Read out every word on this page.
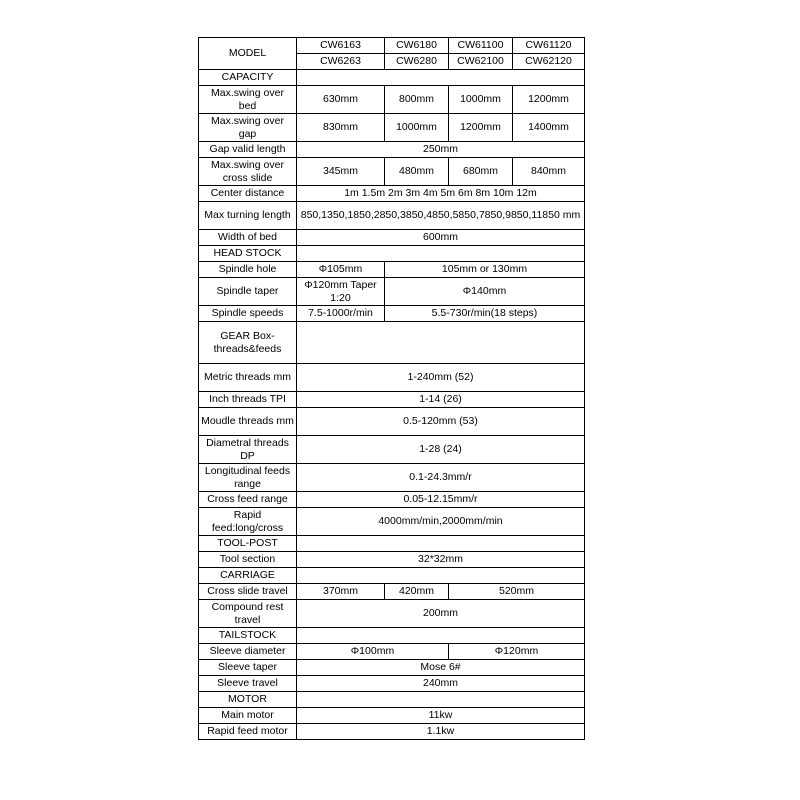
MODEL	CW6163	CW6180	CW61100	CW61120
	CW6263	CW6280	CW62100	CW62120
CAPACITY				
Max.swing over bed	630mm	800mm	1000mm	1200mm
Max.swing over gap	830mm	1000mm	1200mm	1400mm
Gap valid length	250mm			
Max.swing over cross slide	345mm	480mm	680mm	840mm
Center distance	1m 1.5m 2m 3m 4m 5m 6m 8m 10m 12m			
Max turning length	850,1350,1850,2850,3850,4850,5850,7850,9850,11850 mm			
Width of bed	600mm			
HEAD STOCK				
Spindle hole	Φ105mm	105mm or 130mm		
Spindle taper	Φ120mm Taper 1:20	Φ140mm		
Spindle speeds	7.5-1000r/min	5.5-730r/min(18 steps)		
GEAR Box-threads&feeds				
Metric threads mm	1-240mm (52)			
Inch threads TPI	1-14 (26)			
Moudle threads mm	0.5-120mm (53)			
Diametral threads DP	1-28 (24)			
Longitudinal feeds range	0.1-24.3mm/r			
Cross feed range	0.05-12.15mm/r			
Rapid feed:long/cross	4000mm/min,2000mm/min			
TOOL-POST				
Tool section	32*32mm			
CARRIAGE				
Cross slide travel	370mm	420mm	520mm	
Compound rest travel	200mm			
TAILSTOCK				
Sleeve diameter	Φ100mm		Φ120mm	
Sleeve taper	Mose 6#			
Sleeve travel	240mm			
MOTOR				
Main motor	11kw			
Rapid feed motor	1.1kw			
